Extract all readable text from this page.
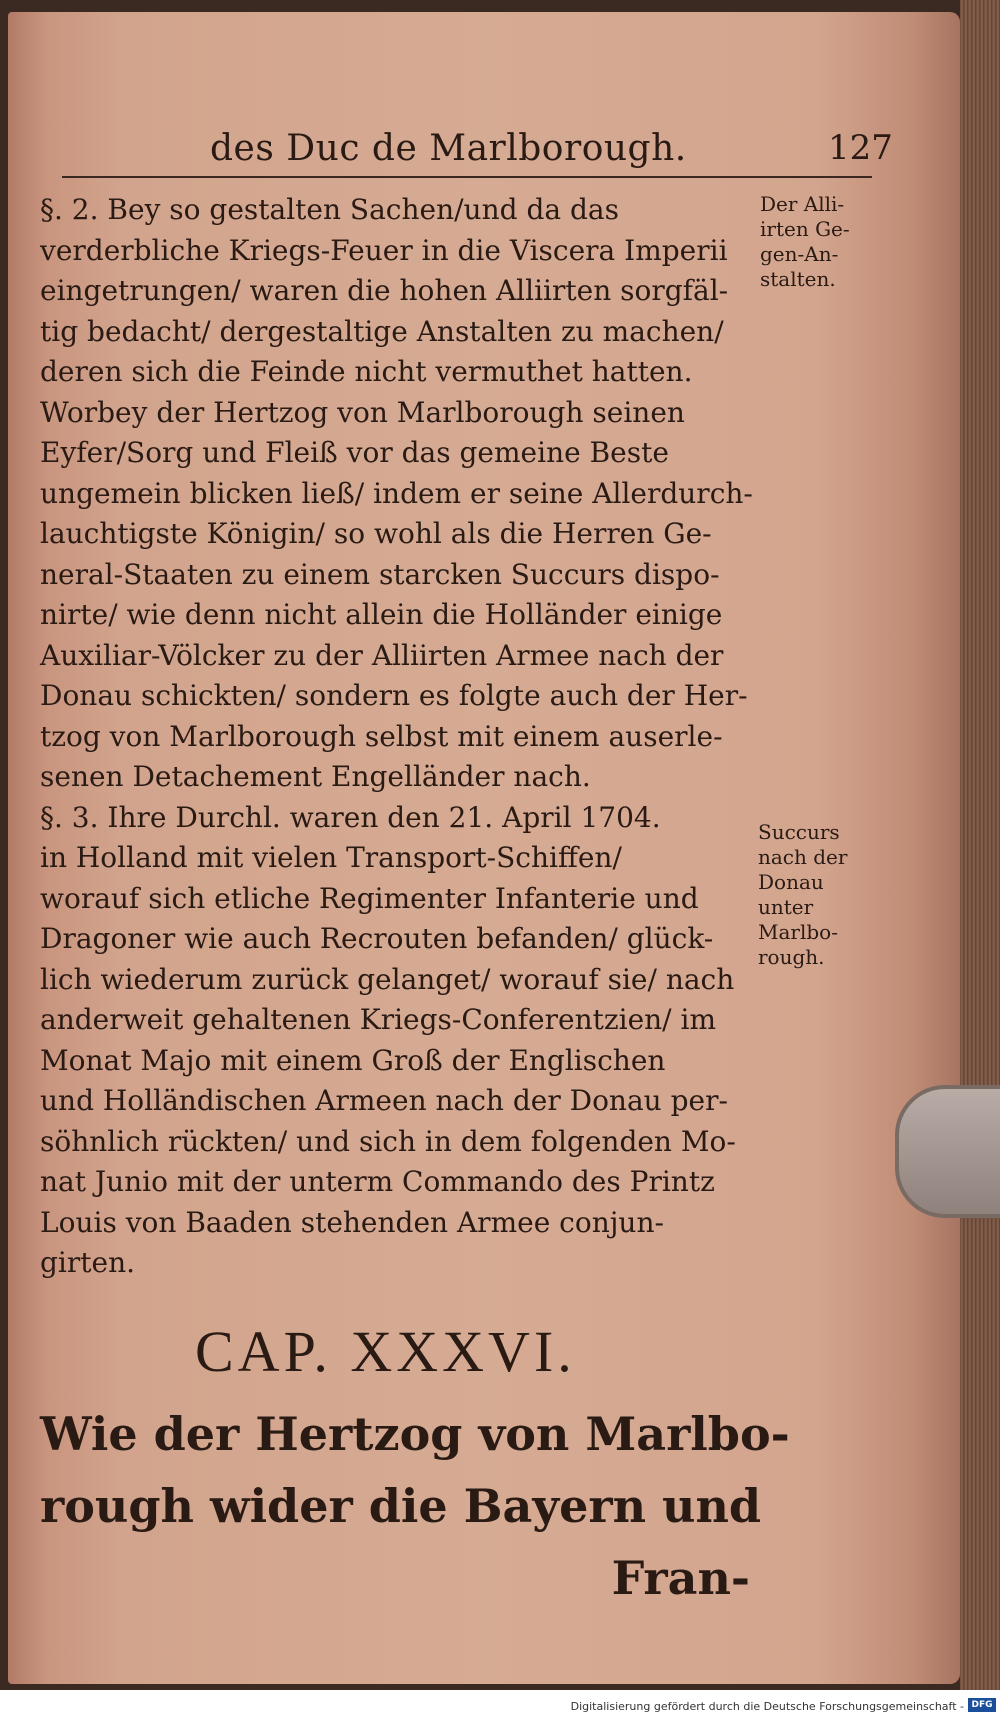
des Duc de Marlborough.	127
§. 2. Bey so gestalten Sachen/und da das
verderbliche Kriegs-Feuer in die Viscera Imperii
eingetrungen/ waren die hohen Alliirten sorgfäl-
tig bedacht/ dergestaltige Anstalten zu machen/
deren sich die Feinde nicht vermuthet hatten.
Worbey der Hertzog von Marlborough seinen
Eyfer/Sorg und Fleiß vor das gemeine Beste
ungemein blicken ließ/ indem er seine Allerdurch-
lauchtigste Königin/ so wohl als die Herren Ge-
neral-Staaten zu einem starcken Succurs dispo-
nirte/ wie denn nicht allein die Holländer einige
Auxiliar-Völcker zu der Alliirten Armee nach der
Donau schickten/ sondern es folgte auch der Her-
tzog von Marlborough selbst mit einem auserle-
senen Detachement Engelländer nach.
§. 3. Ihre Durchl. waren den 21. April 1704.
in Holland mit vielen Transport-Schiffen/
worauf sich etliche Regimenter Infanterie und
Dragoner wie auch Recrouten befanden/ glück-
lich wiederum zurück gelanget/ worauf sie/ nach
anderweit gehaltenen Kriegs-Conferentzien/ im
Monat Majo mit einem Groß der Englischen
und Holländischen Armeen nach der Donau per-
söhnlich rückten/ und sich in dem folgenden Mo-
nat Junio mit der unterm Commando des Printz
Louis von Baaden stehenden Armee conjun-
girten.
Der Alli-
irten Ge-
gen-An-
stalten.
Succurs
nach der
Donau
unter
Marlbo-
rough.
CAP. XXXVI.
Wie der Hertzog von Marlbo-
rough wider die Bayern und
Fran-
Digitalisierung gefördert durch die Deutsche Forschungsgemeinschaft - DFG
